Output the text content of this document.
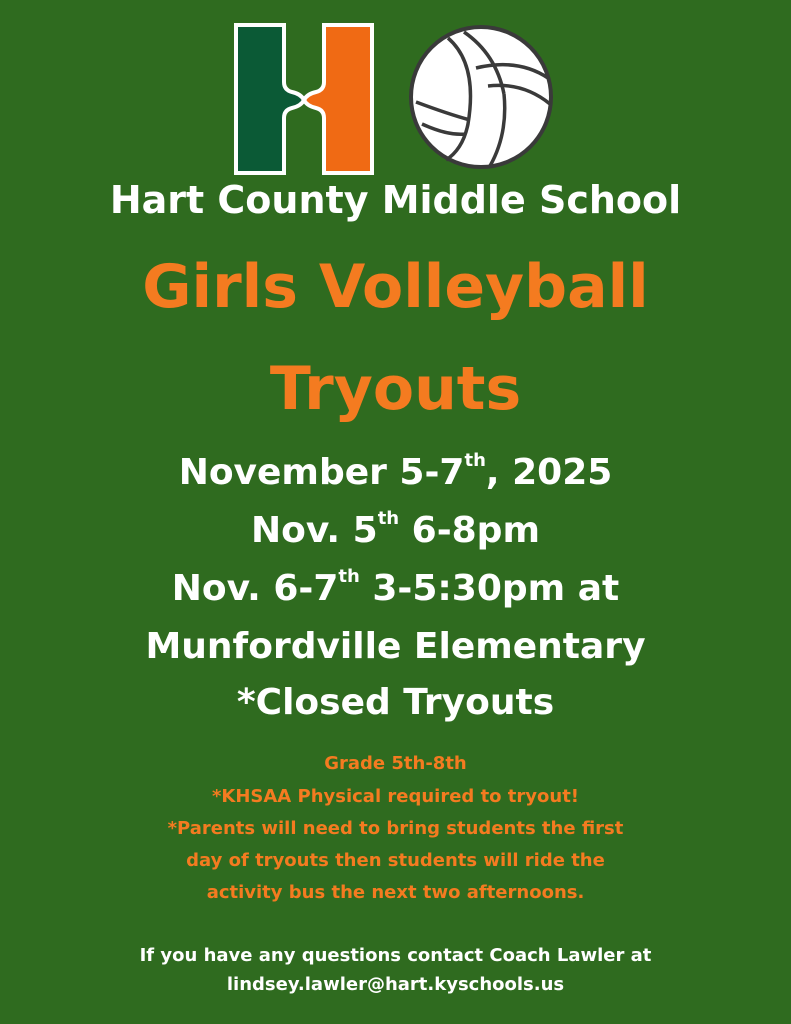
Hart County Middle School
Girls Volleyball
Tryouts
November 5-7th, 2025
Nov. 5th 6-8pm
Nov. 6-7th 3-5:30pm at
Munfordville Elementary
*Closed Tryouts
Grade 5th-8th
*KHSAA Physical required to tryout!
*Parents will need to bring students the first
day of tryouts then students will ride the
activity bus the next two afternoons.
If you have any questions contact Coach Lawler at
lindsey.lawler@hart.kyschools.us
